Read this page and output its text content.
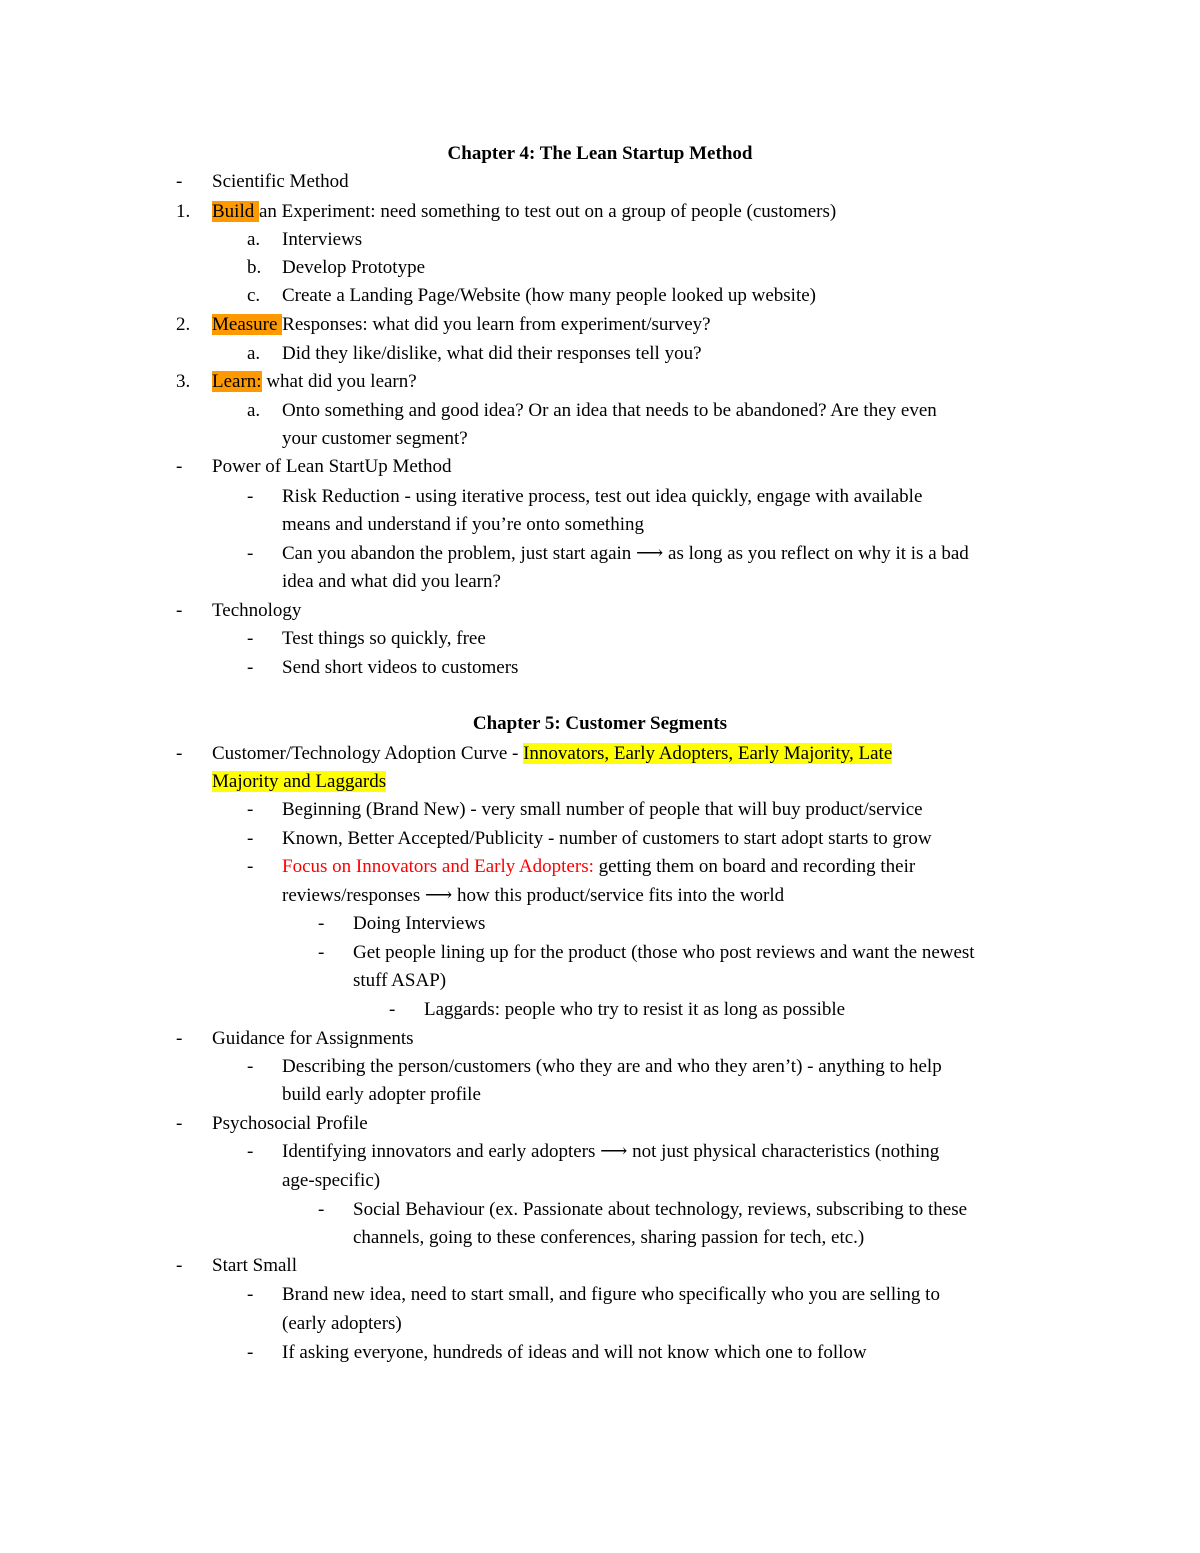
Chapter 4: The Lean Startup Method
- Scientific Method
1. Build an Experiment: need something to test out on a group of people (customers)
a. Interviews
b. Develop Prototype
c. Create a Landing Page/Website (how many people looked up website)
2. Measure Responses: what did you learn from experiment/survey?
a. Did they like/dislike, what did their responses tell you?
3. Learn: what did you learn?
a. Onto something and good idea? Or an idea that needs to be abandoned? Are they even
your customer segment?
- Power of Lean StartUp Method
- Risk Reduction - using iterative process, test out idea quickly, engage with available
means and understand if you’re onto something
- Can you abandon the problem, just start again ⟶ as long as you reflect on why it is a bad
idea and what did you learn?
- Technology
- Test things so quickly, free
- Send short videos to customers
Chapter 5: Customer Segments
- Customer/Technology Adoption Curve - Innovators, Early Adopters, Early Majority, Late
Majority and Laggards
- Beginning (Brand New) - very small number of people that will buy product/service
- Known, Better Accepted/Publicity - number of customers to start adopt starts to grow
- Focus on Innovators and Early Adopters: getting them on board and recording their
reviews/responses ⟶ how this product/service fits into the world
- Doing Interviews
- Get people lining up for the product (those who post reviews and want the newest
stuff ASAP)
- Laggards: people who try to resist it as long as possible
- Guidance for Assignments
- Describing the person/customers (who they are and who they aren’t) - anything to help
build early adopter profile
- Psychosocial Profile
- Identifying innovators and early adopters ⟶ not just physical characteristics (nothing
age-specific)
- Social Behaviour (ex. Passionate about technology, reviews, subscribing to these
channels, going to these conferences, sharing passion for tech, etc.)
- Start Small
- Brand new idea, need to start small, and figure who specifically who you are selling to
(early adopters)
- If asking everyone, hundreds of ideas and will not know which one to follow
